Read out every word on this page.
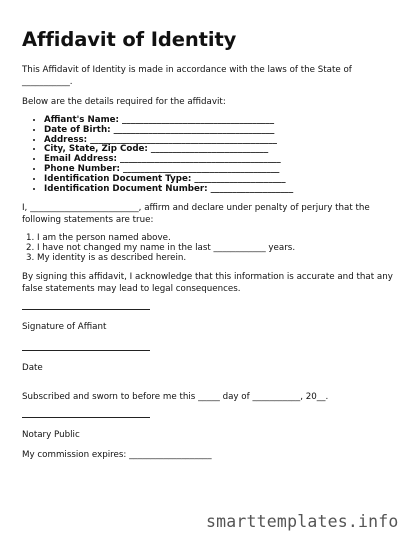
Affidavit of Identity

This Affidavit of Identity is made in accordance with the laws of the State of ___________.

Below are the details required for the affidavit:

• Affiant's Name: ___________________________________
• Date of Birth: _____________________________________
• Address: ___________________________________________
• City, State, Zip Code: ___________________________
• Email Address: _____________________________________
• Phone Number: ____________________________________
• Identification Document Type: _____________________
• Identification Document Number: ___________________

I, _________________________, affirm and declare under penalty of perjury that the following statements are true:

1. I am the person named above.
2. I have not changed my name in the last ____________ years.
3. My identity is as described herein.

By signing this affidavit, I acknowledge that this information is accurate and that any false statements may lead to legal consequences.

Signature of Affiant

Date

Subscribed and sworn to before me this _____ day of ___________, 20__.

Notary Public

My commission expires: ___________________

smarttemplates.info
